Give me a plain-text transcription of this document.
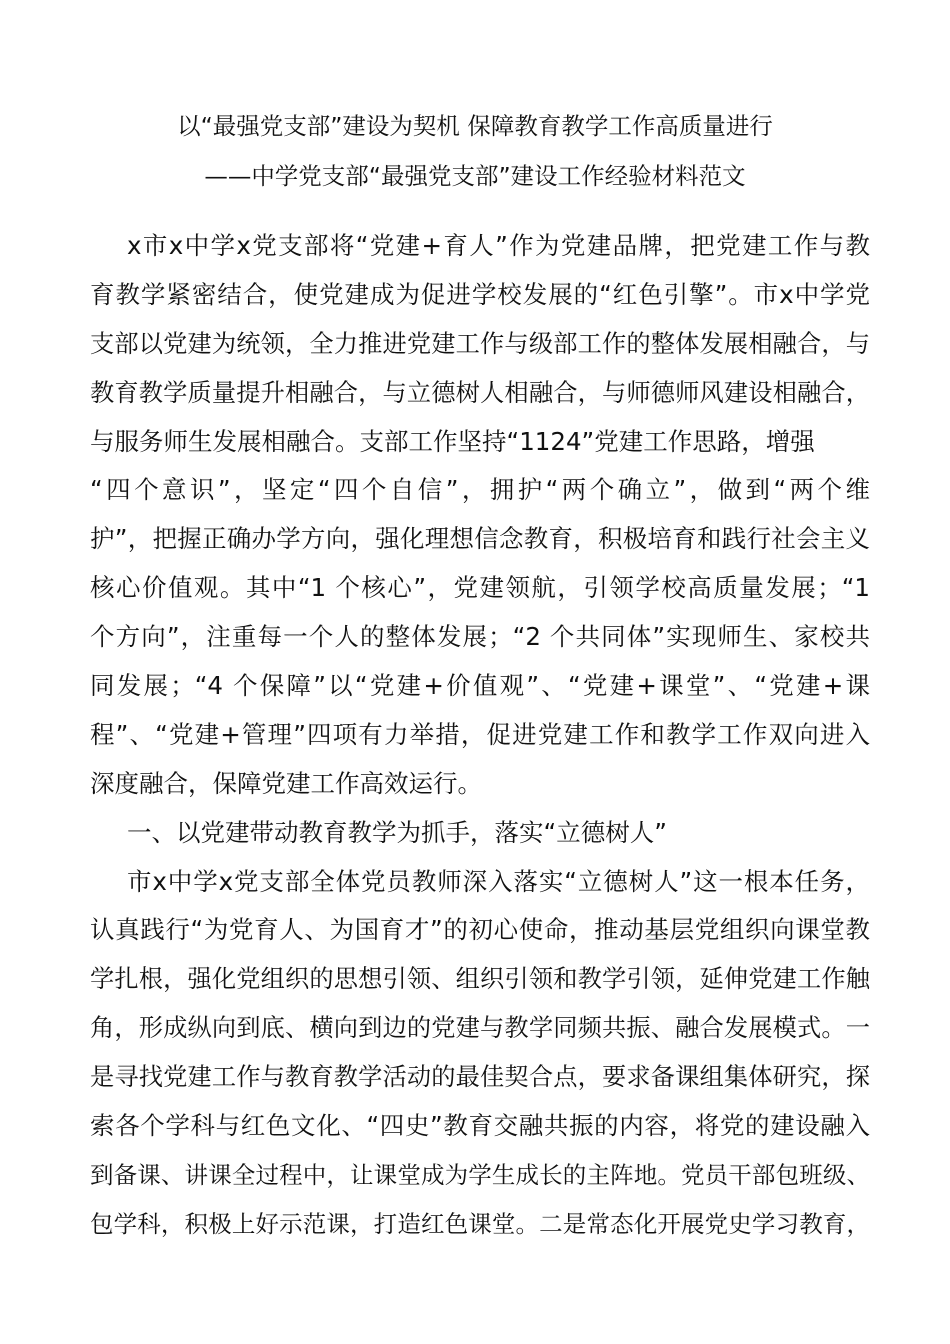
以“最强党支部”建设为契机 保障教育教学工作高质量进行
——中学党支部“最强党支部”建设工作经验材料范文
x市x中学x党支部将“党建+育人”作为党建品牌，把党建工作与教
育教学紧密结合，使党建成为促进学校发展的“红色引擎”。市x中学党
支部以党建为统领，全力推进党建工作与级部工作的整体发展相融合，与
教育教学质量提升相融合，与立德树人相融合，与师德师风建设相融合，
与服务师生发展相融合。支部工作坚持“1124”党建工作思路，增强
“四个意识”，坚定“四个自信”，拥护“两个确立”，做到“两个维
护”，把握正确办学方向，强化理想信念教育，积极培育和践行社会主义
核心价值观。其中“1 个核心”，党建领航，引领学校高质量发展；“1
个方向”，注重每一个人的整体发展；“2 个共同体”实现师生、家校共
同发展；“4 个保障”以“党建+价值观”、“党建+课堂”、“党建+课
程”、“党建+管理”四项有力举措，促进党建工作和教学工作双向进入
深度融合，保障党建工作高效运行。
一、以党建带动教育教学为抓手，落实“立德树人”
市x中学x党支部全体党员教师深入落实“立德树人”这一根本任务，
认真践行“为党育人、为国育才”的初心使命，推动基层党组织向课堂教
学扎根，强化党组织的思想引领、组织引领和教学引领，延伸党建工作触
角，形成纵向到底、横向到边的党建与教学同频共振、融合发展模式。一
是寻找党建工作与教育教学活动的最佳契合点，要求备课组集体研究，探
索各个学科与红色文化、“四史”教育交融共振的内容，将党的建设融入
到备课、讲课全过程中，让课堂成为学生成长的主阵地。党员干部包班级、
包学科，积极上好示范课，打造红色课堂。二是常态化开展党史学习教育，
